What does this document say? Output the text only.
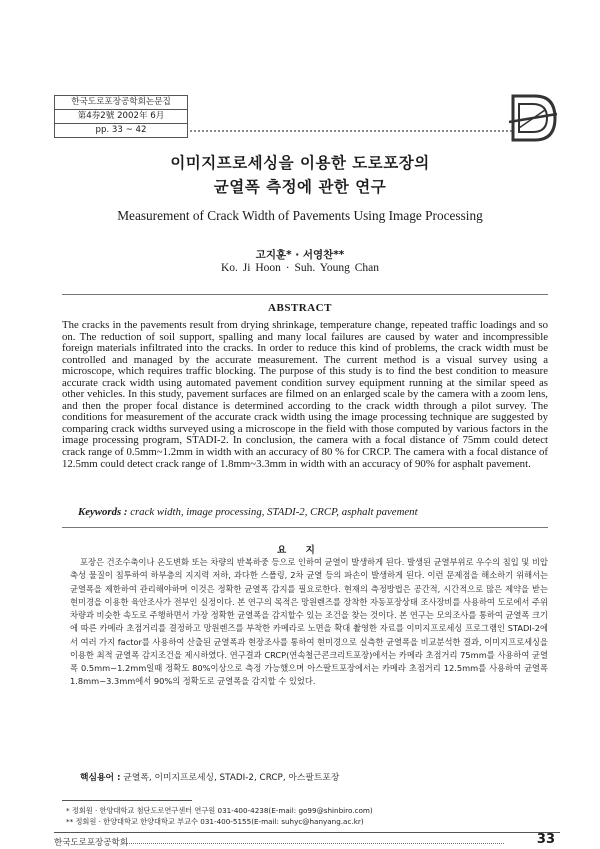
한국도로포장공학회논문집
第4券2號 2002年 6月
pp. 33 ~ 42
이미지프로세싱을 이용한 도로포장의
균열폭 측정에 관한 연구
Measurement of Crack Width of Pavements Using Image Processing
고지훈* · 서영찬**
Ko. Ji Hoon · Suh. Young Chan
ABSTRACT
The cracks in the pavements result from drying shrinkage, temperature change, repeated traffic loadings and so on. The reduction of soil support, spalling and many local failures are caused by water and incompressible foreign materials infiltrated into the cracks. In order to reduce this kind of problems, the crack width must be controlled and managed by the accurate measurement. The current method is a visual survey using a microscope, which requires traffic blocking. The purpose of this study is to find the best condition to measure accurate crack width using automated pavement condition survey equipment running at the similar speed as other vehicles. In this study, pavement surfaces are filmed on an enlarged scale by the camera with a zoom lens, and then the proper focal distance is determined according to the crack width through a pilot survey. The conditions for measurement of the accurate crack width using the image processing technique are suggested by comparing crack widths surveyed using a microscope in the field with those computed by various factors in the image processing program, STADI-2. In conclusion, the camera with a focal distance of 75mm could detect crack range of 0.5mm~1.2mm in width with an accuracy of 80 % for CRCP. The camera with a focal distance of 12.5mm could detect crack range of 1.8mm~3.3mm in width with an accuracy of 90% for asphalt pavement.
Keywords : crack width, image processing, STADI-2, CRCP, asphalt pavement
요 지
포장은 건조수축이나 온도변화 또는 차량의 반복하중 등으로 인하여 균열이 발생하게 된다. 발생된 균열부위로 우수의 침입 및 비압축성 물질이 침투하여 하부층의 지지력 저하, 과다한 스폴링, 2차 균열 등의 파손이 발생하게 된다. 이런 문제점을 해소하기 위해서는 균열폭을 제한하여 관리해야하며 이것은 정확한 균열폭 감지를 필요로한다. 현재의 측정방법은 공간적, 시간적으로 많은 제약을 받는 현미경을 이용한 육안조사가 전부인 실정이다. 본 연구의 목적은 망원렌즈를 장착한 자동포장상태 조사장비를 사용하여 도로에서 주위차량과 비슷한 속도로 주행하면서 가장 정확한 균열폭을 감지할수 있는 조건을 찾는 것이다. 본 연구는 모의조사를 통하여 균열폭 크기에 따른 카메라 초점거리를 결정하고 망원렌즈를 부착한 카메라로 노면을 확대 촬영한 자료를 이미지프로세싱 프로그램인 STADI-2에서 여러 가지 factor를 사용하여 산출된 균열폭과 현장조사를 통하여 현미경으로 실측한 균열폭을 비교분석한 결과, 이미지프로세싱을 이용한 최적 균열폭 감지조건을 제시하였다. 연구결과 CRCP(연속철근콘크리트포장)에서는 카메라 초점거리 75mm를 사용하여 균열폭 0.5mm~1.2mm일때 정확도 80%이상으로 측정 가능했으며 아스팔트포장에서는 카메라 초점거리 12.5mm를 사용하여 균열폭 1.8mm~3.3mm에서 90%의 정확도로 균열폭을 감지할 수 있었다.
핵심용어 : 균열폭, 이미지프로세싱, STADI-2, CRCP, 아스팔트포장
* 정회원 · 한양대학교 첨단도로연구센터 연구원 031-400-4238(E-mail: go99@shinbiro.com)
** 정회원 · 한양대학교 한양대학교 부교수 031-400-5155(E-mail: suhyc@hanyang.ac.kr)
한국도로포장공학회	33
